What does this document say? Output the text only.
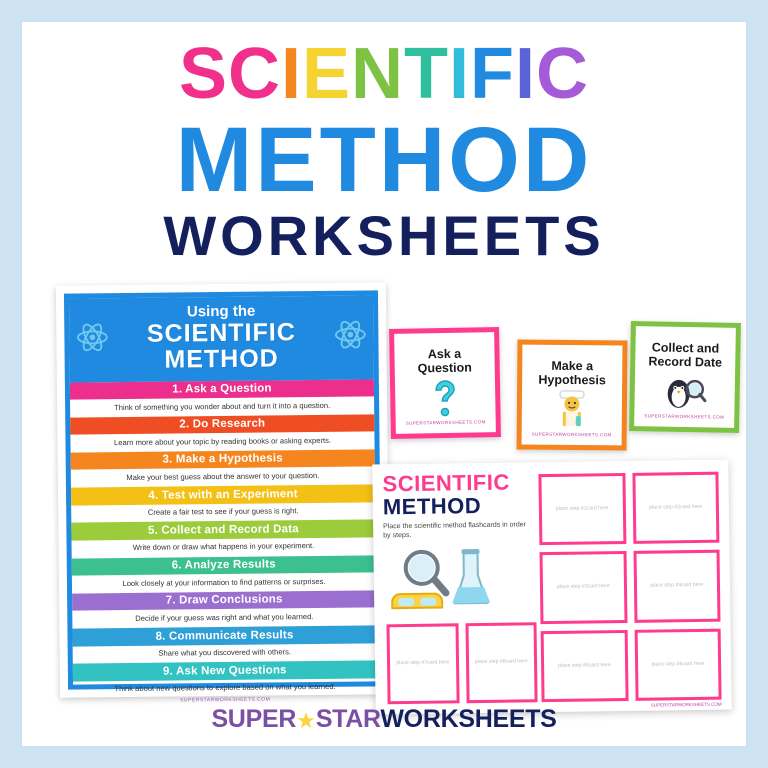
SCIENTIFIC
METHOD
WORKSHEETS
Using the
SCIENTIFIC
METHOD
1. Ask a Question
Think of something you wonder about and turn it into a question.
2. Do Research
Learn more about your topic by reading books or asking experts.
3. Make a Hypothesis
Make your best guess about the answer to your question.
4. Test with an Experiment
Create a fair test to see if your guess is right.
5. Collect and Record Data
Write down or draw what happens in your experiment.
6. Analyze Results
Look closely at your information to find patterns or surprises.
7. Draw Conclusions
Decide if your guess was right and what you learned.
8. Communicate Results
Share what you discovered with others.
9. Ask New Questions
Think about new questions to explore based on what you learned.
SUPERSTARWORKSHEETS.COM
Ask a
Question
SUPERSTARWORKSHEETS.COM
Make a
Hypothesis
SUPERSTARWORKSHEETS.COM
Collect and
Record Date
SUPERSTARWORKSHEETS.COM
SCIENTIFIC
METHOD
Place the scientific method flashcards in order by steps.
place step #1 card here	place step #2 card here
place step #3 card here	place step #4 card here
place step #5 card here	place step #6 card here
place step #7 card here	place step #8 card here
SUPERSTARWORKSHEETS.COM
SUPER★STARWORKSHEETS
